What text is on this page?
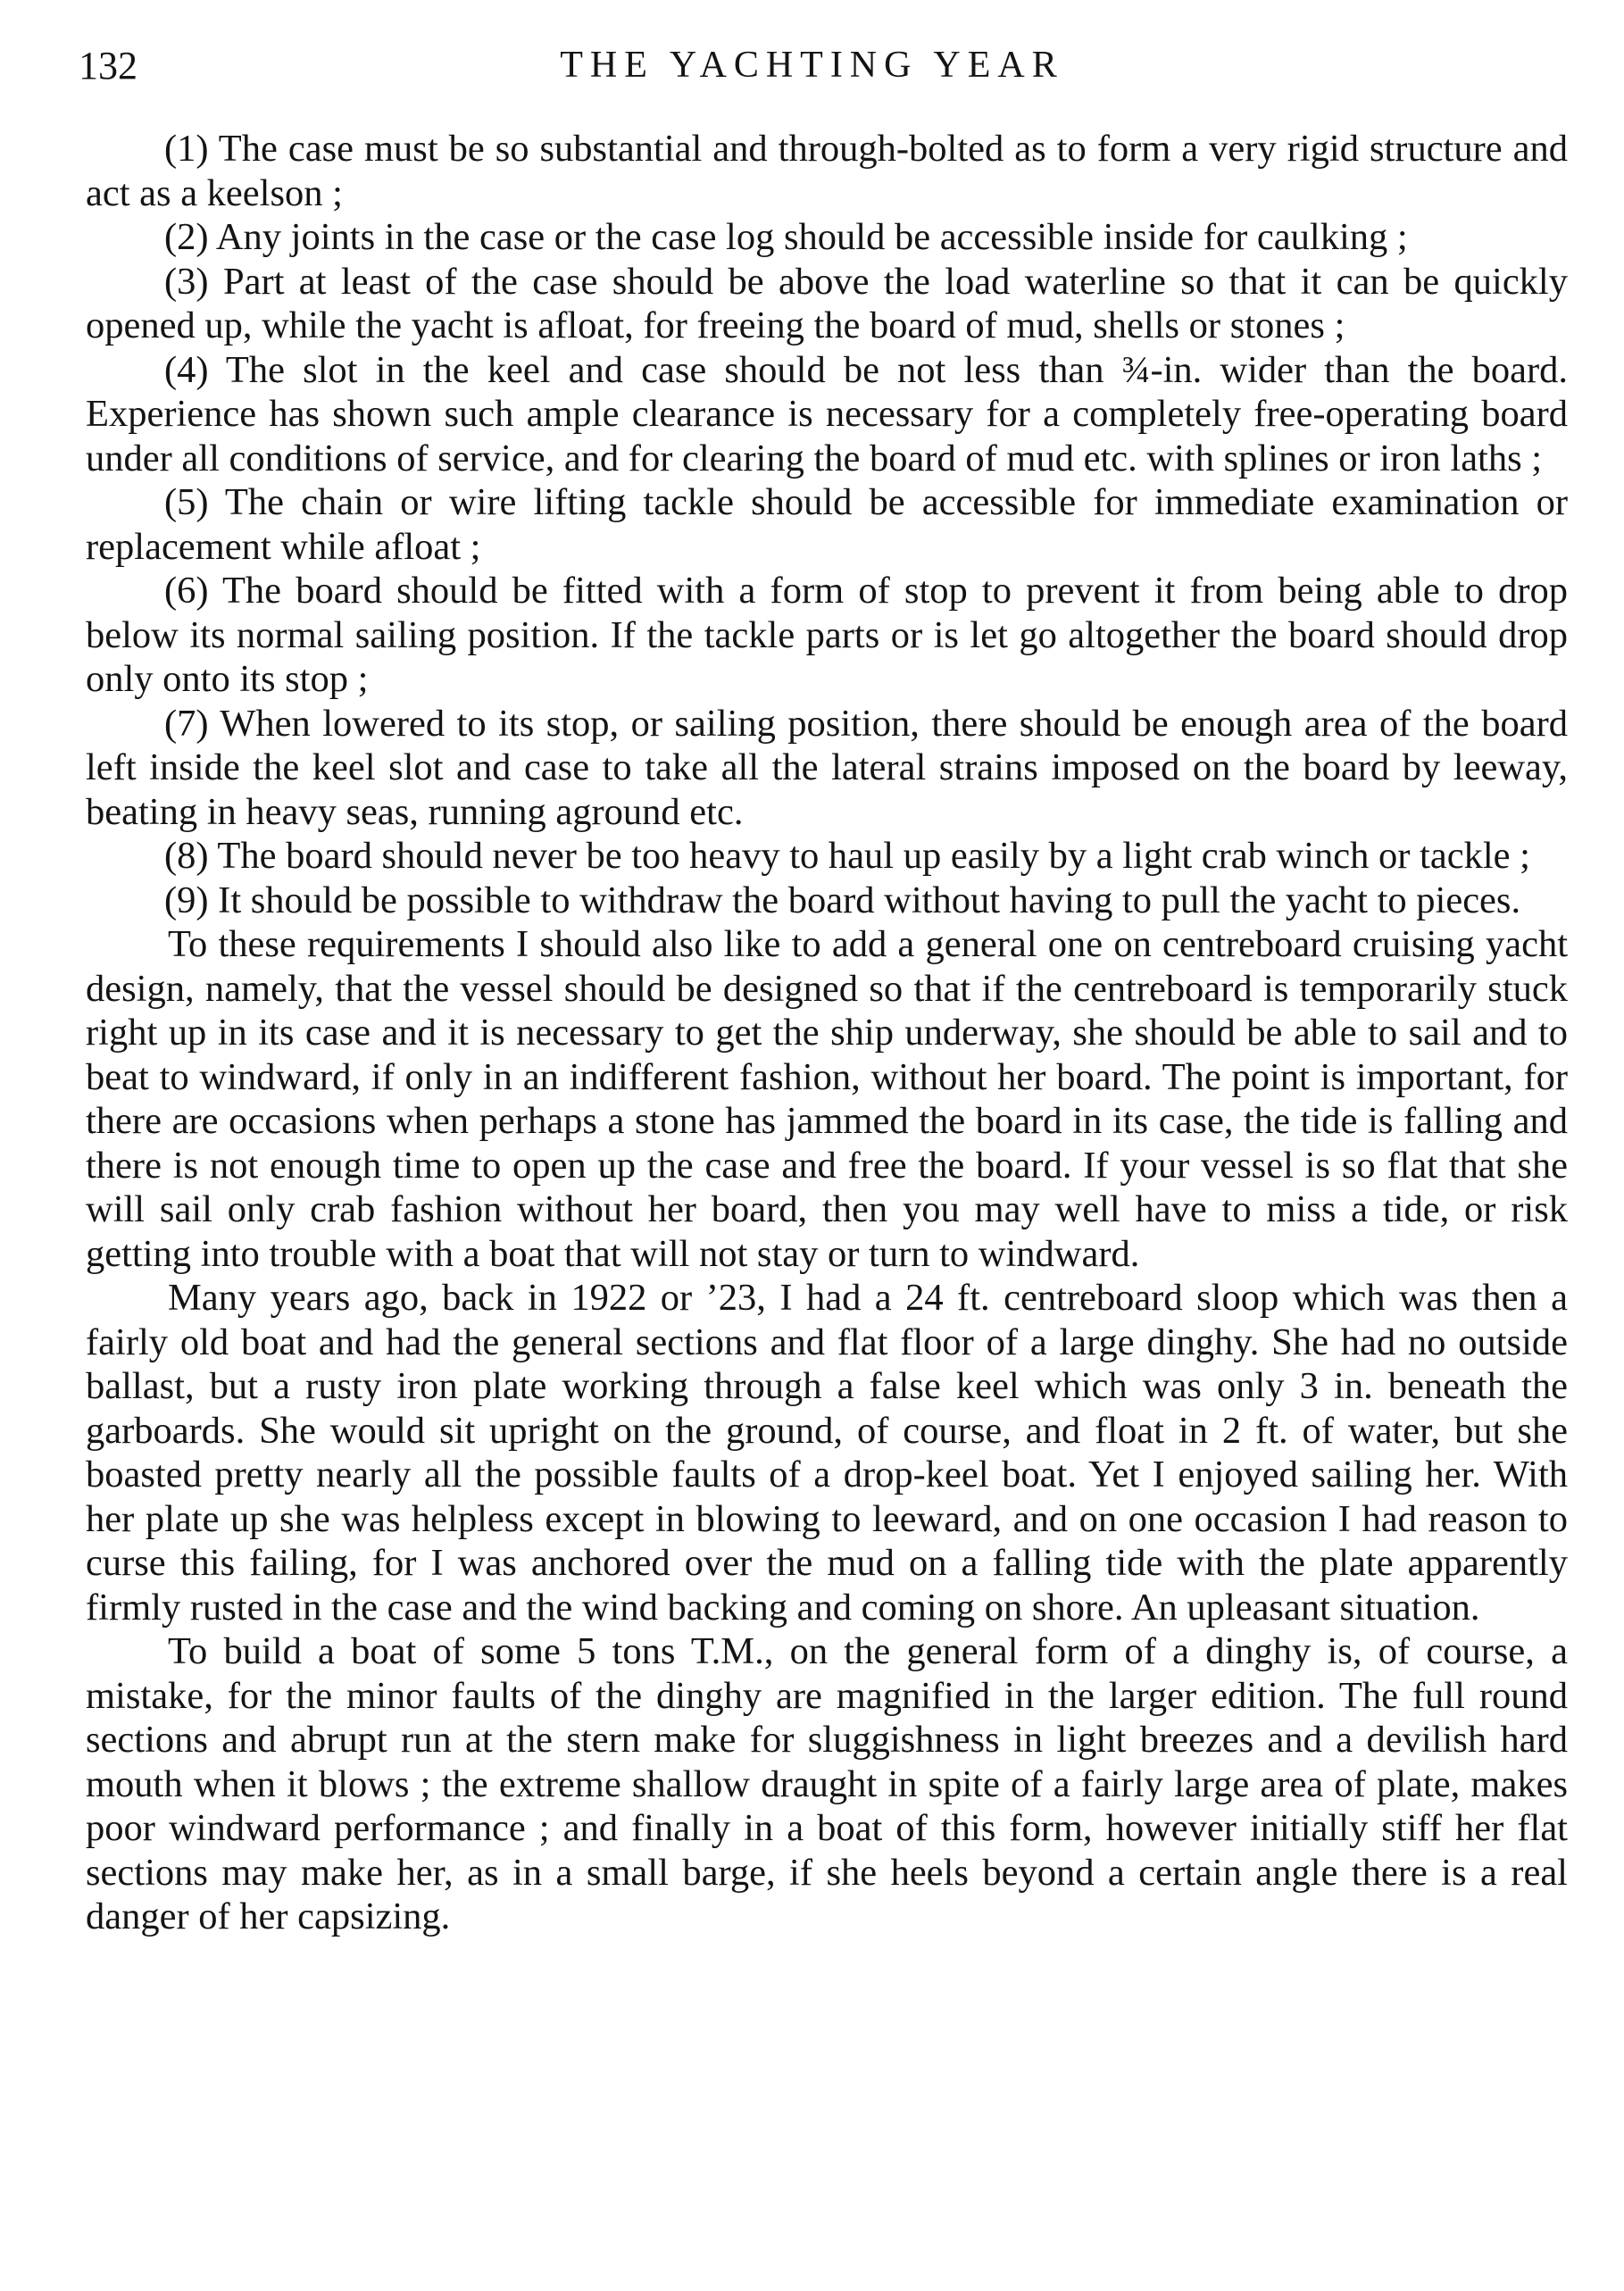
132	THE YACHTING YEAR

(1) The case must be so substantial and through-bolted as to form a very rigid structure and act as a keelson ;

(2) Any joints in the case or the case log should be accessible inside for caulking ;

(3) Part at least of the case should be above the load waterline so that it can be quickly opened up, while the yacht is afloat, for freeing the board of mud, shells or stones ;

(4) The slot in the keel and case should be not less than ¾-in. wider than the board. Experience has shown such ample clearance is necessary for a completely free-operating board under all conditions of service, and for clearing the board of mud etc. with splines or iron laths ;

(5) The chain or wire lifting tackle should be accessible for immediate examination or replacement while afloat ;

(6) The board should be fitted with a form of stop to prevent it from being able to drop below its normal sailing position. If the tackle parts or is let go altogether the board should drop only onto its stop ;

(7) When lowered to its stop, or sailing position, there should be enough area of the board left inside the keel slot and case to take all the lateral strains imposed on the board by leeway, beating in heavy seas, running aground etc.

(8) The board should never be too heavy to haul up easily by a light crab winch or tackle ;

(9) It should be possible to withdraw the board without having to pull the yacht to pieces.

To these requirements I should also like to add a general one on centreboard cruising yacht design, namely, that the vessel should be designed so that if the centreboard is temporarily stuck right up in its case and it is necessary to get the ship underway, she should be able to sail and to beat to windward, if only in an indifferent fashion, without her board. The point is important, for there are occasions when perhaps a stone has jammed the board in its case, the tide is falling and there is not enough time to open up the case and free the board. If your vessel is so flat that she will sail only crab fashion without her board, then you may well have to miss a tide, or risk getting into trouble with a boat that will not stay or turn to windward.

Many years ago, back in 1922 or ’23, I had a 24 ft. centreboard sloop which was then a fairly old boat and had the general sections and flat floor of a large dinghy. She had no outside ballast, but a rusty iron plate working through a false keel which was only 3 in. beneath the garboards. She would sit upright on the ground, of course, and float in 2 ft. of water, but she boasted pretty nearly all the possible faults of a drop-keel boat. Yet I enjoyed sailing her. With her plate up she was helpless except in blowing to leeward, and on one occasion I had reason to curse this failing, for I was anchored over the mud on a falling tide with the plate apparently firmly rusted in the case and the wind backing and coming on shore. An upleasant situation.

To build a boat of some 5 tons T.M., on the general form of a dinghy is, of course, a mistake, for the minor faults of the dinghy are magnified in the larger edition. The full round sections and abrupt run at the stern make for sluggishness in light breezes and a devilish hard mouth when it blows ; the extreme shallow draught in spite of a fairly large area of plate, makes poor windward performance ; and finally in a boat of this form, however initially stiff her flat sections may make her, as in a small barge, if she heels beyond a certain angle there is a real danger of her capsizing.
